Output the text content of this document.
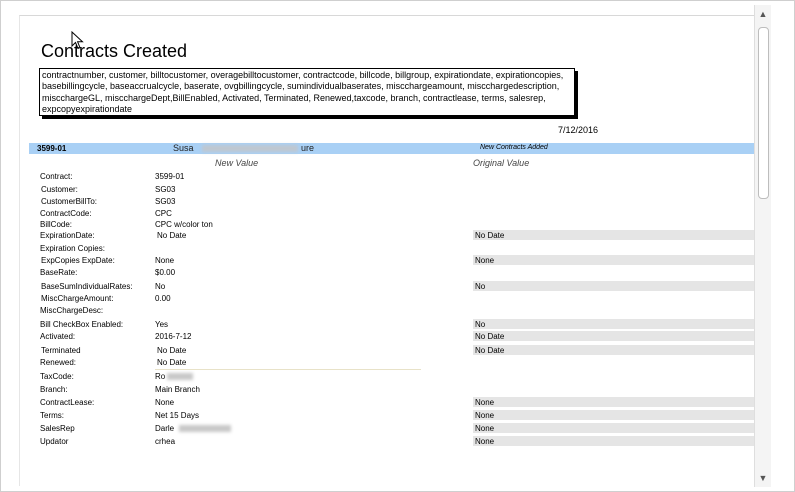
Contracts Created
contractnumber, customer, billtocustomer, overagebilltocustomer, contractcode, billcode, billgroup, expirationdate, expirationcopies, basebillingcycle, baseaccrualcycle, baserate, ovgbillingcycle, sumindividualbaserates, miscchargeamount, miscchargedescription, miscchargeGL, miscchargeDept,BillEnabled, Activated, Terminated, Renewed,taxcode, branch, contractlease, terms, salesrep, expcopyexpirationdate
7/12/2016
3599-01	Susa	ure	New Contracts Added
New Value	Original Value
Contract:	3599-01
Customer:	SG03
CustomerBillTo:	SG03
ContractCode:	CPC
BillCode:	CPC w/color ton
ExpirationDate:	No Date	No Date
Expiration Copies:
ExpCopies ExpDate:	None	None
BaseRate:	$0.00
BaseSumIndividualRates:	No	No
MiscChargeAmount:	0.00
MiscChargeDesc:
Bill CheckBox Enabled:	Yes	No
Activated:	2016-7-12	No Date
Terminated	No Date	No Date
Renewed:	No Date
TaxCode:	Ro
Branch:	Main Branch
ContractLease:	None	None
Terms:	Net 15 Days	None
SalesRep	Darle	None
Updator	crhea	None
▲
▼
